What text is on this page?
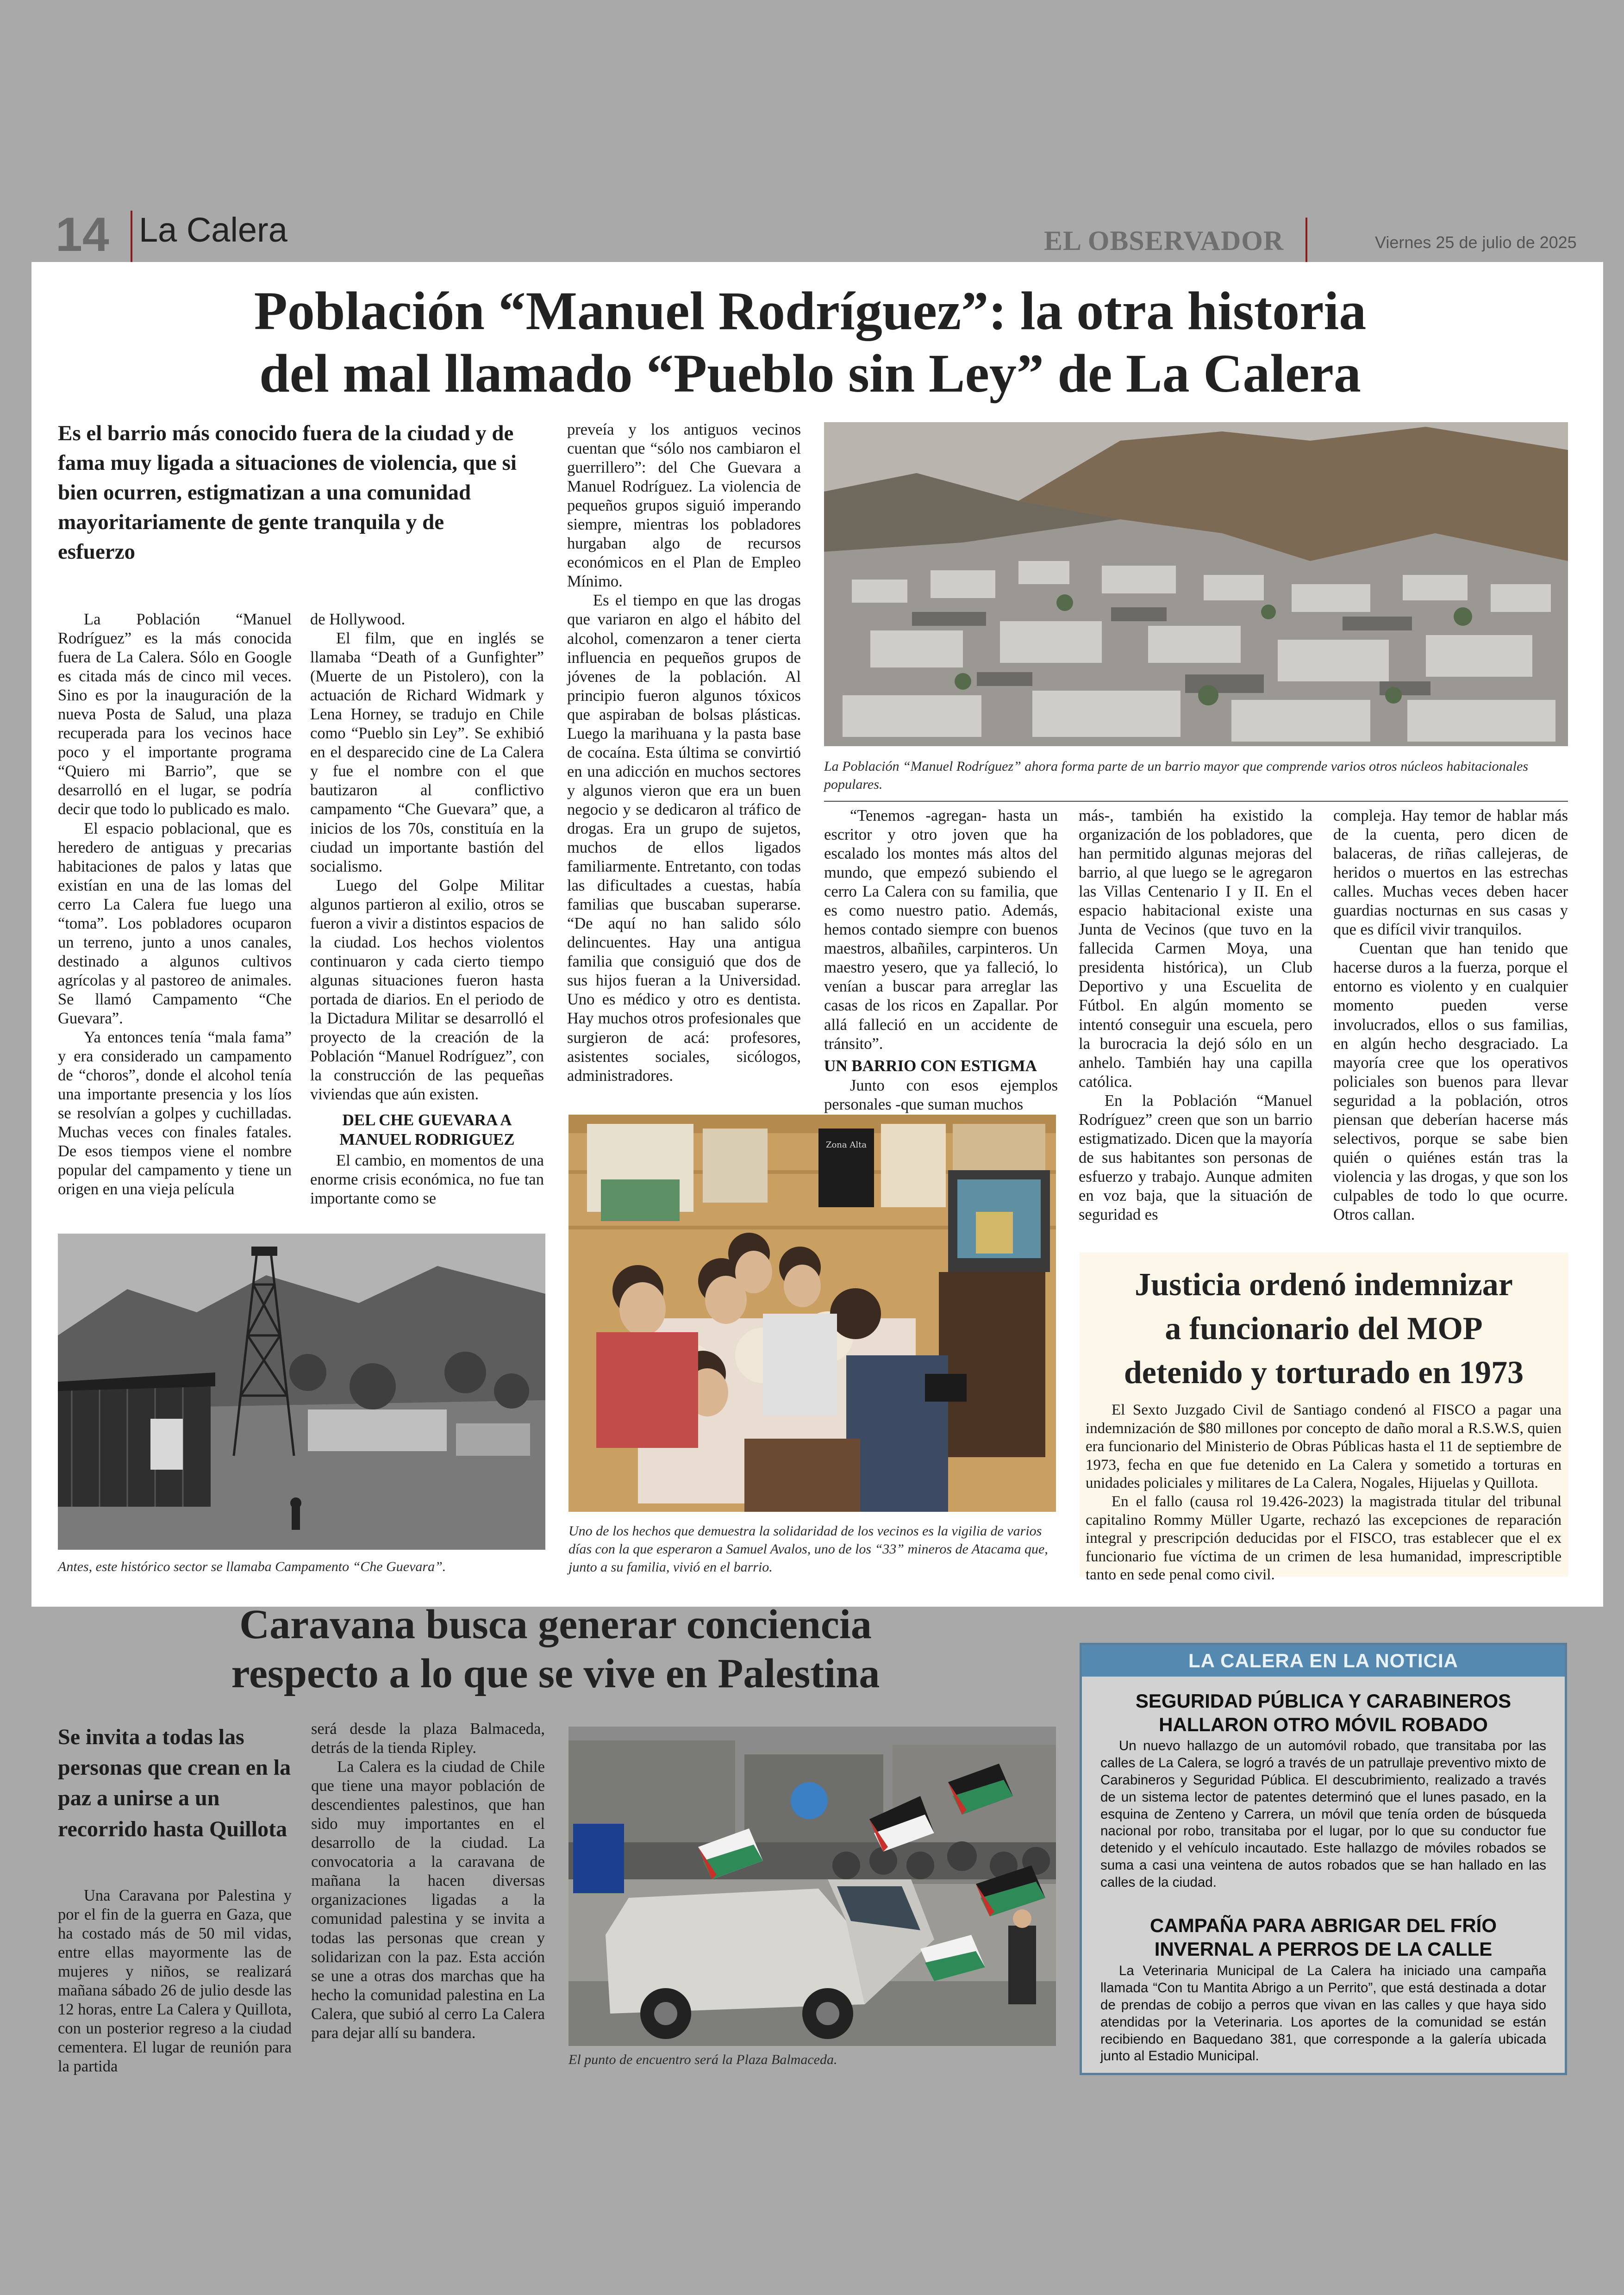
14 La Calera	EL OBSERVADOR	Viernes 25 de julio de 2025
Población “Manuel Rodríguez”: la otra historia
del mal llamado “Pueblo sin Ley” de La Calera
Es el barrio más conocido fuera de la ciudad y de fama muy ligada a situaciones de violencia, que si bien ocurren, estigmatizan a una comunidad mayoritariamente de gente tranquila y de esfuerzo

La Población “Manuel Rodríguez” es la más conocida fuera de La Calera. Sólo en Google es citada más de cinco mil veces. Sino es por la inauguración de la nueva Posta de Salud, una plaza recuperada para los vecinos hace poco y el importante programa “Quiero mi Barrio”, que se desarrolló en el lugar, se podría decir que todo lo publicado es malo.

El espacio poblacional, que es heredero de antiguas y precarias habitaciones de palos y latas que existían en una de las lomas del cerro La Calera fue luego una “toma”. Los pobladores ocuparon un terreno, junto a unos canales, destinado a algunos cultivos agrícolas y al pastoreo de animales. Se llamó Campamento “Che Guevara”.

Ya entonces tenía “mala fama” y era considerado un campamento de “choros”, donde el alcohol tenía una importante presencia y los líos se resolvían a golpes y cuchilladas. Muchas veces con finales fatales. De esos tiempos viene el nombre popular del campamento y tiene un origen en una vieja película

de Hollywood.

El film, que en inglés se llamaba “Death of a Gunfighter” (Muerte de un Pistolero), con la actuación de Richard Widmark y Lena Horney, se tradujo en Chile como “Pueblo sin Ley”. Se exhibió en el desparecido cine de La Calera y fue el nombre con el que bautizaron al conflictivo campamento “Che Guevara” que, a inicios de los 70s, constituía en la ciudad un importante bastión del socialismo.

Luego del Golpe Militar algunos partieron al exilio, otros se fueron a vivir a distintos espacios de la ciudad. Los hechos violentos continuaron y cada cierto tiempo algunas situaciones fueron hasta portada de diarios. En el periodo de la Dictadura Militar se desarrolló el proyecto de la creación de la Población “Manuel Rodríguez”, con la construcción de las pequeñas viviendas que aún existen.

DEL CHE GUEVARA A MANUEL RODRIGUEZ

El cambio, en momentos de una enorme crisis económica, no fue tan importante como se

preveía y los antiguos vecinos cuentan que “sólo nos cambiaron el guerrillero”: del Che Guevara a Manuel Rodríguez. La violencia de pequeños grupos siguió imperando siempre, mientras los pobladores hurgaban algo de recursos económicos en el Plan de Empleo Mínimo.

Es el tiempo en que las drogas que variaron en algo el hábito del alcohol, comenzaron a tener cierta influencia en pequeños grupos de jóvenes de la población. Al principio fueron algunos tóxicos que aspiraban de bolsas plásticas. Luego la marihuana y la pasta base de cocaína. Esta última se convirtió en una adicción en muchos sectores y algunos vieron que era un buen negocio y se dedicaron al tráfico de drogas. Era un grupo de sujetos, muchos de ellos ligados familiarmente. Entretanto, con todas las dificultades a cuestas, había familias que buscaban superarse. “De aquí no han salido sólo delincuentes. Hay una antigua familia que consiguió que dos de sus hijos fueran a la Universidad. Uno es médico y otro es dentista. Hay muchos otros profesionales que surgieron de acá: profesores, asistentes sociales, sicólogos, administradores.

La Población “Manuel Rodríguez” ahora forma parte de un barrio mayor que comprende varios otros núcleos habitacionales populares.

“Tenemos -agregan- hasta un escritor y otro joven que ha escalado los montes más altos del mundo, que empezó subiendo el cerro La Calera con su familia, que es como nuestro patio. Además, hemos contado siempre con buenos maestros, albañiles, carpinteros. Un maestro yesero, que ya falleció, lo venían a buscar para arreglar las casas de los ricos en Zapallar. Por allá falleció en un accidente de tránsito”.

UN BARRIO CON ESTIGMA

Junto con esos ejemplos personales -que suman muchos

más-, también ha existido la organización de los pobladores, que han permitido algunas mejoras del barrio, al que luego se le agregaron las Villas Centenario I y II. En el espacio habitacional existe una Junta de Vecinos (que tuvo en la fallecida Carmen Moya, una presidenta histórica), un Club Deportivo y una Escuelita de Fútbol. En algún momento se intentó conseguir una escuela, pero la burocracia la dejó sólo en un anhelo. También hay una capilla católica.

En la Población “Manuel Rodríguez” creen que son un barrio estigmatizado. Dicen que la mayoría de sus habitantes son personas de esfuerzo y trabajo. Aunque admiten en voz baja, que la situación de seguridad es

compleja. Hay temor de hablar más de la cuenta, pero dicen de balaceras, de riñas callejeras, de heridos o muertos en las estrechas calles. Muchas veces deben hacer guardias nocturnas en sus casas y que es difícil vivir tranquilos.

Cuentan que han tenido que hacerse duros a la fuerza, porque el entorno es violento y en cualquier momento pueden verse involucrados, ellos o sus familias, en algún hecho desgraciado. La mayoría cree que los operativos policiales son buenos para llevar seguridad a la población, otros piensan que deberían hacerse más selectivos, porque se sabe bien quién o quiénes están tras la violencia y las drogas, y que son los culpables de todo lo que ocurre. Otros callan.

Antes, este histórico sector se llamaba Campamento “Che Guevara”.
Zona Alta
Uno de los hechos que demuestra la solidaridad de los vecinos es la vigilia de varios días con la que esperaron a Samuel Avalos, uno de los “33” mineros de Atacama que, junto a su familia, vivió en el barrio.
Justicia ordenó indemnizar
a funcionario del MOP
detenido y torturado en 1973

El Sexto Juzgado Civil de Santiago condenó al FISCO a pagar una indemnización de $80 millones por concepto de daño moral a R.S.W.S, quien era funcionario del Ministerio de Obras Públicas hasta el 11 de septiembre de 1973, fecha en que fue detenido en La Calera y sometido a torturas en unidades policiales y militares de La Calera, Nogales, Hijuelas y Quillota.

En el fallo (causa rol 19.426-2023) la magistrada titular del tribunal capitalino Rommy Müller Ugarte, rechazó las excepciones de reparación integral y prescripción deducidas por el FISCO, tras establecer que el ex funcionario fue víctima de un crimen de lesa humanidad, imprescriptible tanto en sede penal como civil.

Caravana busca generar conciencia
respecto a lo que se vive en Palestina
Se invita a todas las personas que crean en la paz a unirse a un recorrido hasta Quillota

Una Caravana por Palestina y por el fin de la guerra en Gaza, que ha costado más de 50 mil vidas, entre ellas mayormente las de mujeres y niños, se realizará mañana sábado 26 de julio desde las 12 horas, entre La Calera y Quillota, con un posterior regreso a la ciudad cementera. El lugar de reunión para la partida

será desde la plaza Balmaceda, detrás de la tienda Ripley.

La Calera es la ciudad de Chile que tiene una mayor población de descendientes palestinos, que han sido muy importantes en el desarrollo de la ciudad. La convocatoria a la caravana de mañana la hacen diversas organizaciones ligadas a la comunidad palestina y se invita a todas las personas que crean y solidarizan con la paz. Esta acción se une a otras dos marchas que ha hecho la comunidad palestina en La Calera, que subió al cerro La Calera para dejar allí su bandera.

El punto de encuentro será la Plaza Balmaceda.
LA CALERA EN LA NOTICIA
SEGURIDAD PÚBLICA Y CARABINEROS HALLARON OTRO MÓVIL ROBADO

Un nuevo hallazgo de un automóvil robado, que transitaba por las calles de La Calera, se logró a través de un patrullaje preventivo mixto de Carabineros y Seguridad Pública. El descubrimiento, realizado a través de un sistema lector de patentes determinó que el lunes pasado, en la esquina de Zenteno y Carrera, un móvil que tenía orden de búsqueda nacional por robo, transitaba por el lugar, por lo que su conductor fue detenido y el vehículo incautado. Este hallazgo de móviles robados se suma a casi una veintena de autos robados que se han hallado en las calles de la ciudad.

CAMPAÑA PARA ABRIGAR DEL FRÍO INVERNAL A PERROS DE LA CALLE

La Veterinaria Municipal de La Calera ha iniciado una campaña llamada “Con tu Mantita Abrigo a un Perrito”, que está destinada a dotar de prendas de cobijo a perros que vivan en las calles y que haya sido atendidas por la Veterinaria. Los aportes de la comunidad se están recibiendo en Baquedano 381, que corresponde a la galería ubicada junto al Estadio Municipal.
